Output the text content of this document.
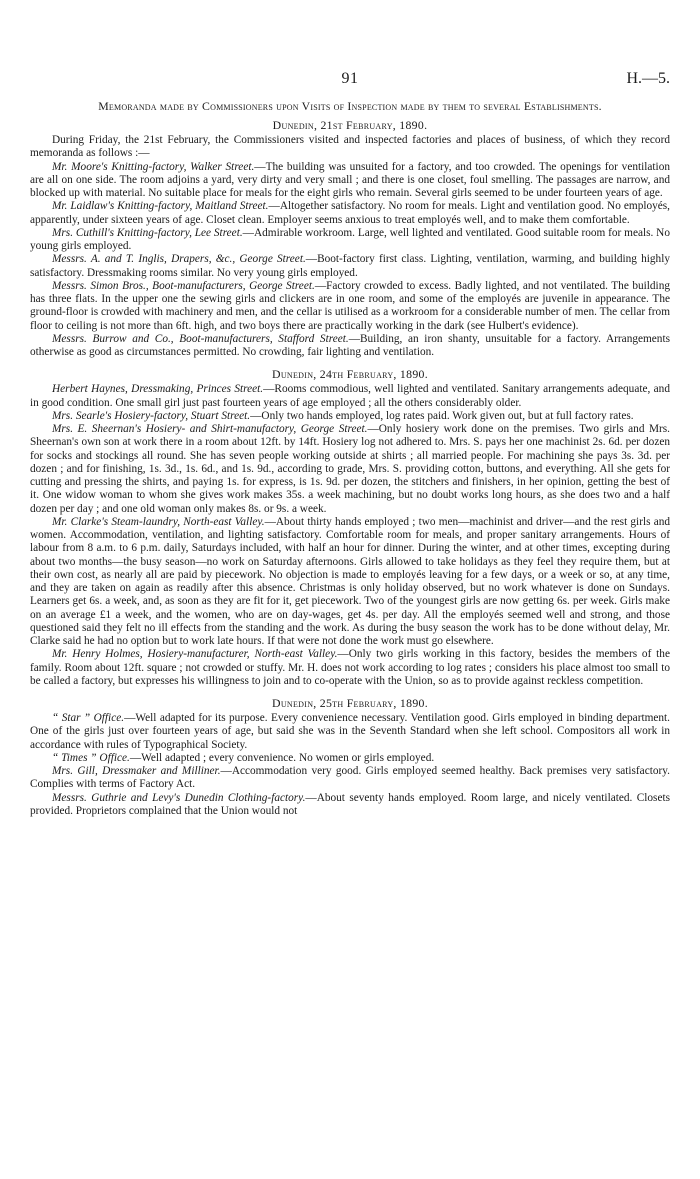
91	H.—5.
Memoranda made by Commissioners upon Visits of Inspection made by them to several Establishments.
Dunedin, 21st February, 1890.

During Friday, the 21st February, the Commissioners visited and inspected factories and places of business, of which they record memoranda as follows :—

Mr. Moore's Knitting-factory, Walker Street.—The building was unsuited for a factory, and too crowded. The openings for ventilation are all on one side. The room adjoins a yard, very dirty and very small ; and there is one closet, foul smelling. The passages are narrow, and blocked up with material. No suitable place for meals for the eight girls who remain. Several girls seemed to be under fourteen years of age.

Mr. Laidlaw's Knitting-factory, Maitland Street.—Altogether satisfactory. No room for meals. Light and ventilation good. No employés, apparently, under sixteen years of age. Closet clean. Employer seems anxious to treat employés well, and to make them comfortable.

Mrs. Cuthill's Knitting-factory, Lee Street.—Admirable workroom. Large, well lighted and ventilated. Good suitable room for meals. No young girls employed.

Messrs. A. and T. Inglis, Drapers, &c., George Street.—Boot-factory first class. Lighting, ventilation, warming, and building highly satisfactory. Dressmaking rooms similar. No very young girls employed.

Messrs. Simon Bros., Boot-manufacturers, George Street.—Factory crowded to excess. Badly lighted, and not ventilated. The building has three flats. In the upper one the sewing girls and clickers are in one room, and some of the employés are juvenile in appearance. The ground-floor is crowded with machinery and men, and the cellar is utilised as a workroom for a considerable number of men. The cellar from floor to ceiling is not more than 6ft. high, and two boys there are practically working in the dark (see Hulbert's evidence).

Messrs. Burrow and Co., Boot-manufacturers, Stafford Street.—Building, an iron shanty, unsuitable for a factory. Arrangements otherwise as good as circumstances permitted. No crowding, fair lighting and ventilation.

Dunedin, 24th February, 1890.

Herbert Haynes, Dressmaking, Princes Street.—Rooms commodious, well lighted and ventilated. Sanitary arrangements adequate, and in good condition. One small girl just past fourteen years of age employed ; all the others considerably older.

Mrs. Searle's Hosiery-factory, Stuart Street.—Only two hands employed, log rates paid. Work given out, but at full factory rates.

Mrs. E. Sheernan's Hosiery- and Shirt-manufactory, George Street.—Only hosiery work done on the premises. Two girls and Mrs. Sheernan's own son at work there in a room about 12ft. by 14ft. Hosiery log not adhered to. Mrs. S. pays her one machinist 2s. 6d. per dozen for socks and stockings all round. She has seven people working outside at shirts ; all married people. For machining she pays 3s. 3d. per dozen ; and for finishing, 1s. 3d., 1s. 6d., and 1s. 9d., according to grade, Mrs. S. providing cotton, buttons, and everything. All she gets for cutting and pressing the shirts, and paying 1s. for express, is 1s. 9d. per dozen, the stitchers and finishers, in her opinion, getting the best of it. One widow woman to whom she gives work makes 35s. a week machining, but no doubt works long hours, as she does two and a half dozen per day ; and one old woman only makes 8s. or 9s. a week.

Mr. Clarke's Steam-laundry, North-east Valley.—About thirty hands employed ; two men—machinist and driver—and the rest girls and women. Accommodation, ventilation, and lighting satisfactory. Comfortable room for meals, and proper sanitary arrangements. Hours of labour from 8 a.m. to 6 p.m. daily, Saturdays included, with half an hour for dinner. During the winter, and at other times, excepting during about two months—the busy season—no work on Saturday afternoons. Girls allowed to take holidays as they feel they require them, but at their own cost, as nearly all are paid by piecework. No objection is made to employés leaving for a few days, or a week or so, at any time, and they are taken on again as readily after this absence. Christmas is only holiday observed, but no work whatever is done on Sundays. Learners get 6s. a week, and, as soon as they are fit for it, get piecework. Two of the youngest girls are now getting 6s. per week. Girls make on an average £1 a week, and the women, who are on day-wages, get 4s. per day. All the employés seemed well and strong, and those questioned said they felt no ill effects from the standing and the work. As during the busy season the work has to be done without delay, Mr. Clarke said he had no option but to work late hours. If that were not done the work must go elsewhere.

Mr. Henry Holmes, Hosiery-manufacturer, North-east Valley.—Only two girls working in this factory, besides the members of the family. Room about 12ft. square ; not crowded or stuffy. Mr. H. does not work according to log rates ; considers his place almost too small to be called a factory, but expresses his willingness to join and to co-operate with the Union, so as to provide against reckless competition.

Dunedin, 25th February, 1890.

“ Star ” Office.—Well adapted for its purpose. Every convenience necessary. Ventilation good. Girls employed in binding department. One of the girls just over fourteen years of age, but said she was in the Seventh Standard when she left school. Compositors all work in accordance with rules of Typographical Society.

“ Times ” Office.—Well adapted ; every convenience. No women or girls employed.

Mrs. Gill, Dressmaker and Milliner.—Accommodation very good. Girls employed seemed healthy. Back premises very satisfactory. Complies with terms of Factory Act.

Messrs. Guthrie and Levy's Dunedin Clothing-factory.—About seventy hands employed. Room large, and nicely ventilated. Closets provided. Proprietors complained that the Union would not
